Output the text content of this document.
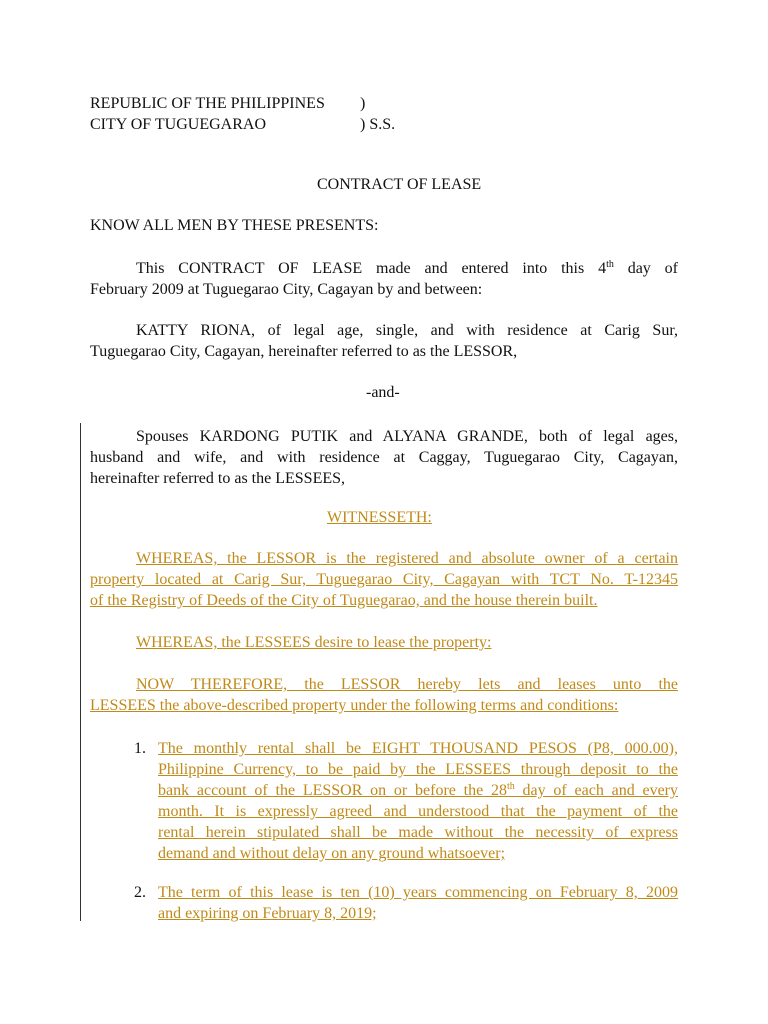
REPUBLIC OF THE PHILIPPINES )
CITY OF TUGUEGARAO	) S.S.
CONTRACT OF LEASE
KNOW ALL MEN BY THESE PRESENTS:
This CONTRACT OF LEASE made and entered into this 4th day of
February 2009 at Tuguegarao City, Cagayan by and between:
KATTY RIONA, of legal age, single, and with residence at Carig Sur,
Tuguegarao City, Cagayan, hereinafter referred to as the LESSOR,
-and-
Spouses KARDONG PUTIK and ALYANA GRANDE, both of legal ages,
husband and wife, and with residence at Caggay, Tuguegarao City, Cagayan,
hereinafter referred to as the LESSEES,
WITNESSETH:
WHEREAS, the LESSOR is the registered and absolute owner of a certain
property located at Carig Sur, Tuguegarao City, Cagayan with TCT No. T-12345
of the Registry of Deeds of the City of Tuguegarao, and the house therein built.
WHEREAS, the LESSEES desire to lease the property:
NOW THEREFORE, the LESSOR hereby lets and leases unto the
LESSEES the above-described property under the following terms and conditions:
1. The monthly rental shall be EIGHT THOUSAND PESOS (P8, 000.00),
Philippine Currency, to be paid by the LESSEES through deposit to the
bank account of the LESSOR on or before the 28th day of each and every
month. It is expressly agreed and understood that the payment of the
rental herein stipulated shall be made without the necessity of express
demand and without delay on any ground whatsoever;
2. The term of this lease is ten (10) years commencing on February 8, 2009
and expiring on February 8, 2019;
